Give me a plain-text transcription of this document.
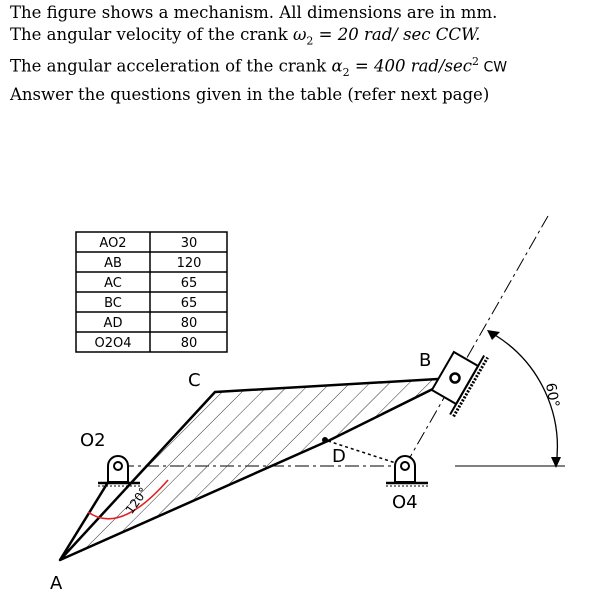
The figure shows a mechanism. All dimensions are in mm.
The angular velocity of the crank $\omega_2 = 20$ rad/ sec CCW.
The angular acceleration of the crank $\alpha_2 = 400$ rad/$\sec^2$ CW
Answer the questions given in the table (refer next page)
AO2	30
AB	120
AC	65
BC	65
AD	80
O2O4	80
60°
120°
A
B
C
D
O2
O4
